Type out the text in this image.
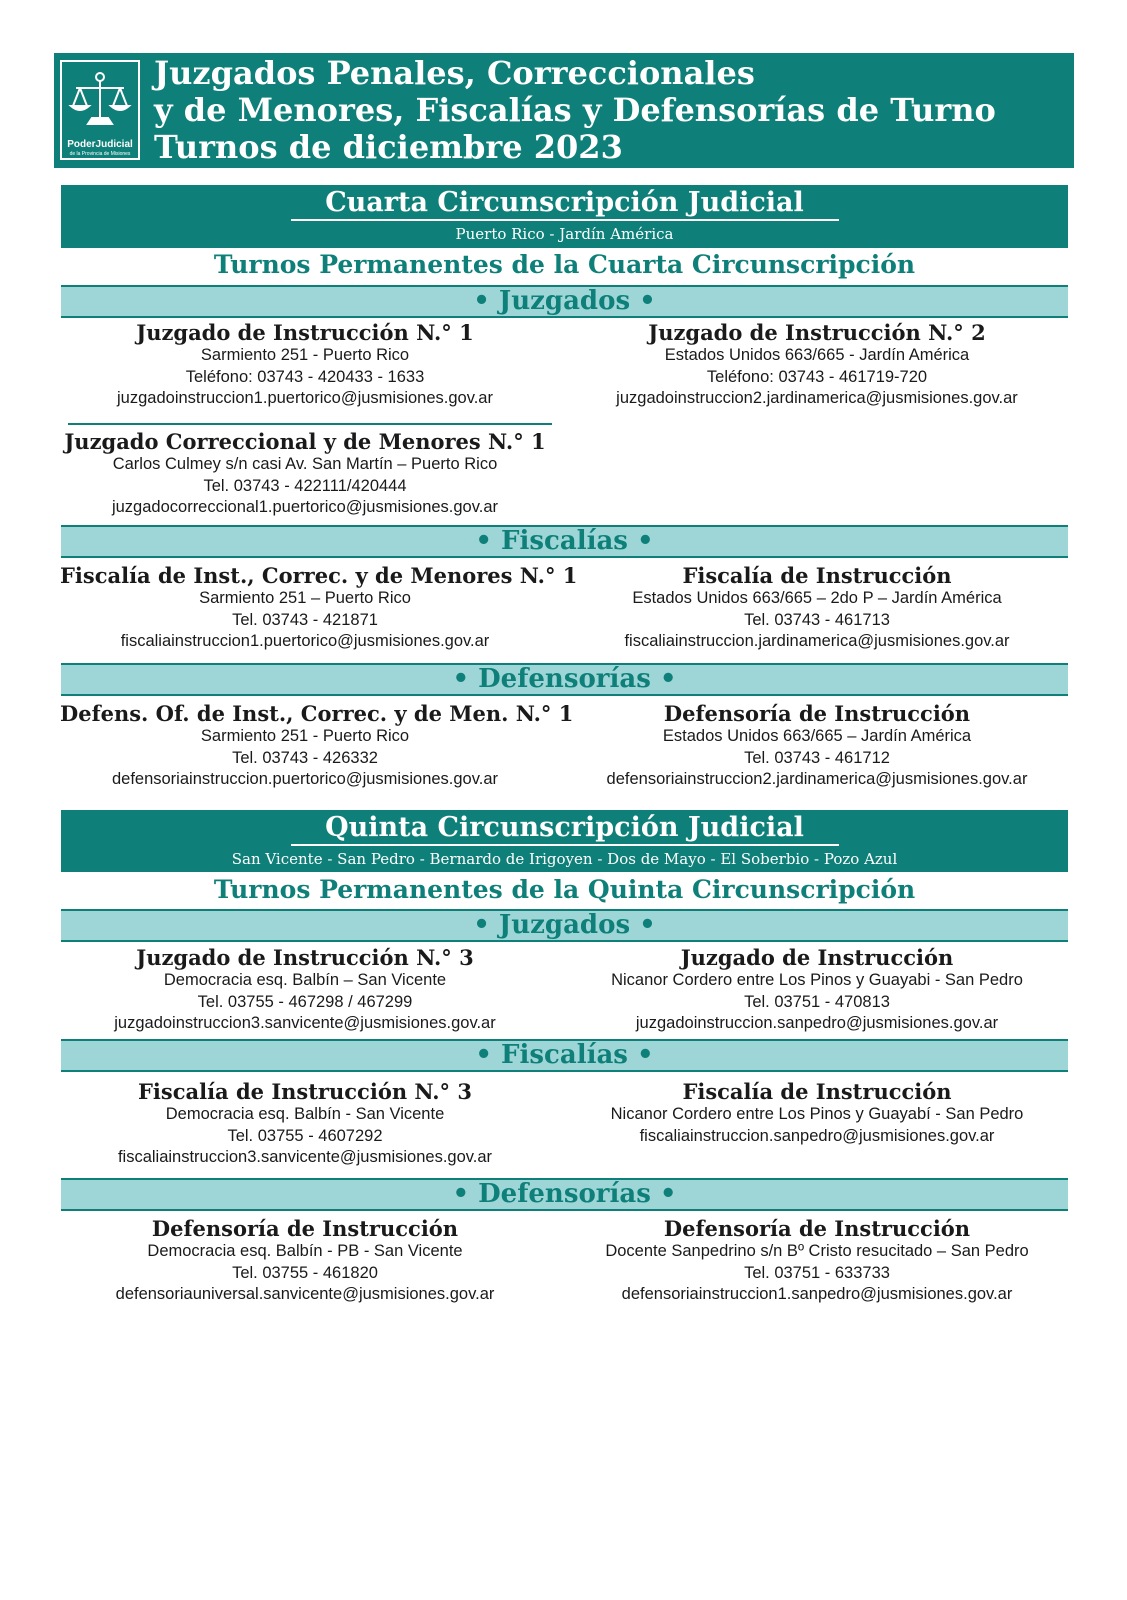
PoderJudicial
de la Provincia de Misiones
Juzgados Penales, Correccionales
y de Menores, Fiscalías y Defensorías de Turno
Turnos de diciembre 2023
Cuarta Circunscripción Judicial
Puerto Rico - Jardín América
Turnos Permanentes de la Cuarta Circunscripción
• Juzgados •
Juzgado de Instrucción N.° 1
Sarmiento 251 - Puerto Rico
Teléfono: 03743 - 420433 - 1633
juzgadoinstruccion1.puertorico@jusmisiones.gov.ar
Juzgado de Instrucción N.° 2
Estados Unidos 663/665 - Jardín América
Teléfono: 03743 - 461719-720
juzgadoinstruccion2.jardinamerica@jusmisiones.gov.ar
Juzgado Correccional y de Menores N.° 1
Carlos Culmey s/n casi Av. San Martín – Puerto Rico
Tel. 03743 - 422111/420444
juzgadocorreccional1.puertorico@jusmisiones.gov.ar
• Fiscalías •
Fiscalía de Inst., Correc. y de Menores N.° 1
Sarmiento 251 – Puerto Rico
Tel. 03743 - 421871
fiscaliainstruccion1.puertorico@jusmisiones.gov.ar
Fiscalía de Instrucción
Estados Unidos 663/665 – 2do P – Jardín América
Tel. 03743 - 461713
fiscaliainstruccion.jardinamerica@jusmisiones.gov.ar
• Defensorías •
Defens. Of. de Inst., Correc. y de Men. N.° 1
Sarmiento 251 - Puerto Rico
Tel. 03743 - 426332
defensoriainstruccion.puertorico@jusmisiones.gov.ar
Defensoría de Instrucción
Estados Unidos 663/665 – Jardín América
Tel. 03743 - 461712
defensoriainstruccion2.jardinamerica@jusmisiones.gov.ar
Quinta Circunscripción Judicial
San Vicente - San Pedro - Bernardo de Irigoyen - Dos de Mayo - El Soberbio - Pozo Azul
Turnos Permanentes de la Quinta Circunscripción
• Juzgados •
Juzgado de Instrucción N.° 3
Democracia esq. Balbín – San Vicente
Tel. 03755 - 467298 / 467299
juzgadoinstruccion3.sanvicente@jusmisiones.gov.ar
Juzgado de Instrucción
Nicanor Cordero entre Los Pinos y Guayabi - San Pedro
Tel. 03751 - 470813
juzgadoinstruccion.sanpedro@jusmisiones.gov.ar
• Fiscalías •
Fiscalía de Instrucción N.° 3
Democracia esq. Balbín - San Vicente
Tel. 03755 - 4607292
fiscaliainstruccion3.sanvicente@jusmisiones.gov.ar
Fiscalía de Instrucción
Nicanor Cordero entre Los Pinos y Guayabí - San Pedro
fiscaliainstruccion.sanpedro@jusmisiones.gov.ar
• Defensorías •
Defensoría de Instrucción
Democracia esq. Balbín - PB - San Vicente
Tel. 03755 - 461820
defensoriauniversal.sanvicente@jusmisiones.gov.ar
Defensoría de Instrucción
Docente Sanpedrino s/n Bº Cristo resucitado – San Pedro
Tel. 03751 - 633733
defensoriainstruccion1.sanpedro@jusmisiones.gov.ar
